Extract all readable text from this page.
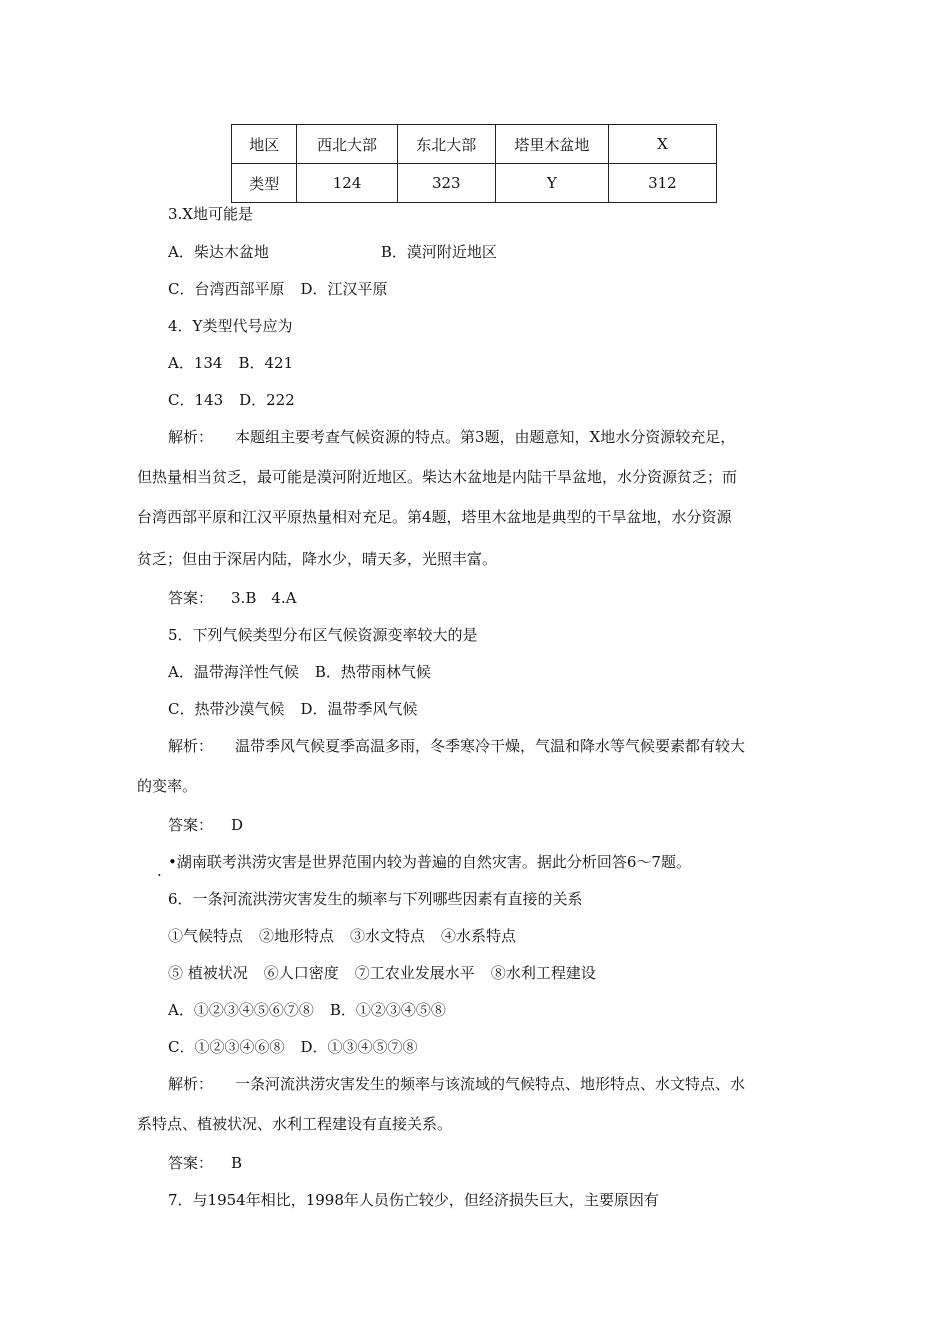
地区	西北大部	东北大部	塔里木盆地	X
类型	124	323	Y	312
3.X地可能是
A．柴达木盆地	B．漠河附近地区
C．台湾西部平原 D．江汉平原
4．Y类型代号应为
A．134 B．421
C．143 D．222
解析： 本题组主要考查气候资源的特点。第3题，由题意知，X地水分资源较充足，
但热量相当贫乏，最可能是漠河附近地区。柴达木盆地是内陆干旱盆地，水分资源贫乏；而
台湾西部平原和江汉平原热量相对充足。第4题，塔里木盆地是典型的干旱盆地，水分资源
贫乏；但由于深居内陆，降水少，晴天多，光照丰富。
答案： 3.B　4.A
5．下列气候类型分布区气候资源变率较大的是
A．温带海洋性气候 B．热带雨林气候
C．热带沙漠气候 D．温带季风气候
解析： 温带季风气候夏季高温多雨，冬季寒冷干燥，气温和降水等气候要素都有较大
的变率。
答案： D
. •湖南联考洪涝灾害是世界范围内较为普遍的自然灾害。据此分析回答6～7题。
6．一条河流洪涝灾害发生的频率与下列哪些因素有直接的关系
①气候特点 ②地形特点 ③水文特点 ④水系特点
⑤ 植被状况 ⑥人口密度 ⑦工农业发展水平 ⑧水利工程建设
A．①②③④⑤⑥⑦⑧ B．①②③④⑤⑧
C．①②③④⑥⑧ D．①③④⑤⑦⑧
解析： 一条河流洪涝灾害发生的频率与该流域的气候特点、地形特点、水文特点、水
系特点、植被状况、水利工程建设有直接关系。
答案： B
7．与1954年相比，1998年人员伤亡较少，但经济损失巨大，主要原因有
